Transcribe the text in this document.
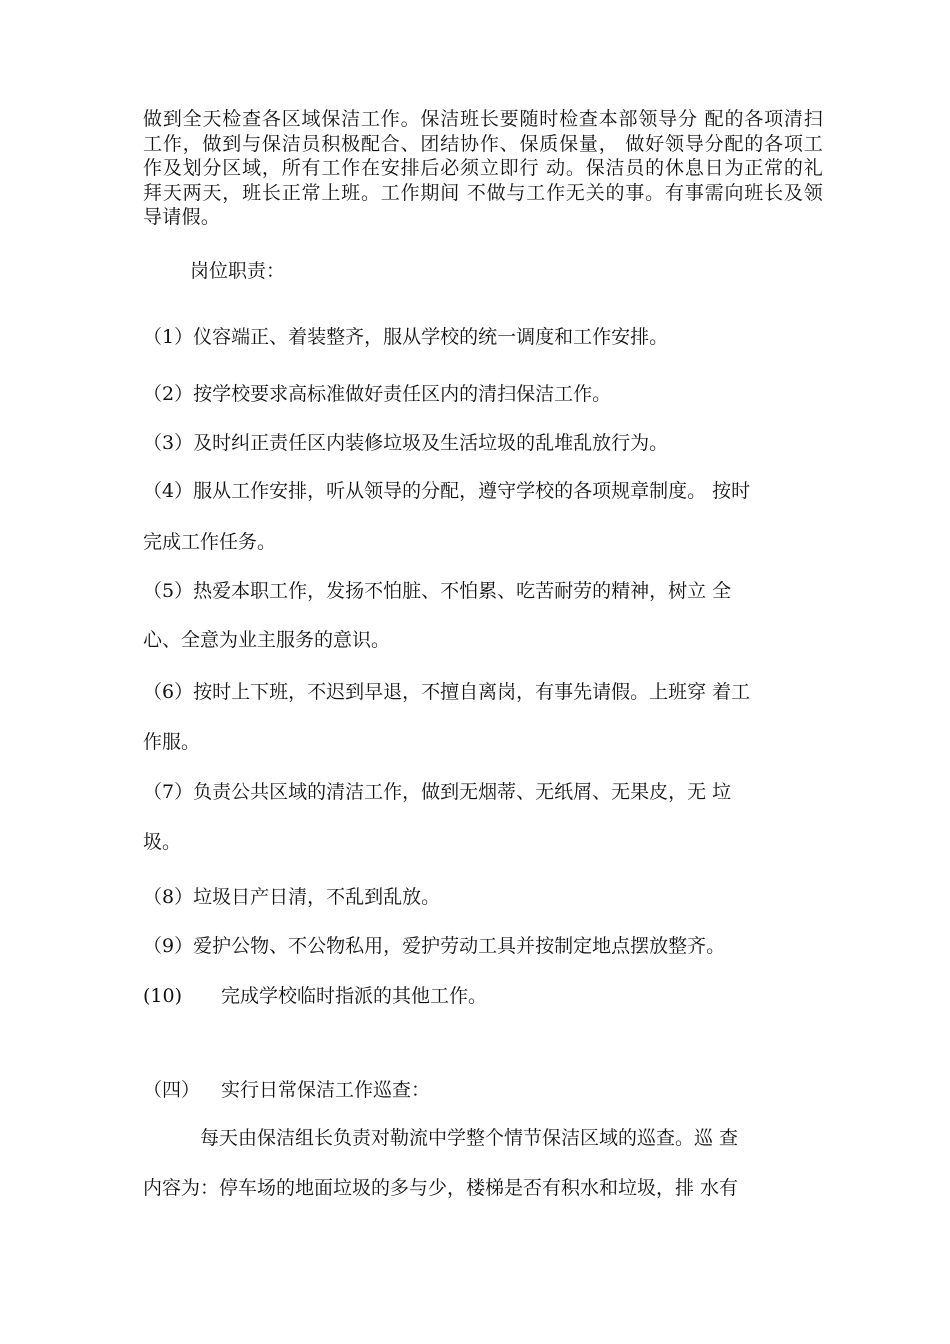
做到全天检查各区域保洁工作。保洁班长要随时检查本部领导分 配的各项清扫工作，做到与保洁员积极配合、团结协作、保质保量， 做好领导分配的各项工作及划分区域，所有工作在安排后必须立即行 动。保洁员的休息日为正常的礼拜天两天，班长正常上班。工作期间 不做与工作无关的事。有事需向班长及领导请假。

岗位职责：
（1）仪容端正、着装整齐，服从学校的统一调度和工作安排。
（2）按学校要求高标准做好责任区内的清扫保洁工作。
（3）及时纠正责任区内装修垃圾及生活垃圾的乱堆乱放行为。
（4）服从工作安排，听从领导的分配，遵守学校的各项规章制度。 按时
完成工作任务。
（5）热爱本职工作，发扬不怕脏、不怕累、吃苦耐劳的精神，树立 全
心、全意为业主服务的意识。
（6）按时上下班，不迟到早退，不擅自离岗，有事先请假。上班穿 着工
作服。
（7）负责公共区域的清洁工作，做到无烟蒂、无纸屑、无果皮，无 垃
圾。
（8）垃圾日产日清，不乱到乱放。
（9）爱护公物、不公物私用，爱护劳动工具并按制定地点摆放整齐。
(10) 完成学校临时指派的其他工作。
（四） 实行日常保洁工作巡查：
每天由保洁组长负责对勒流中学整个情节保洁区域的巡查。巡 查
内容为：停车场的地面垃圾的多与少，楼梯是否有积水和垃圾，排 水有
